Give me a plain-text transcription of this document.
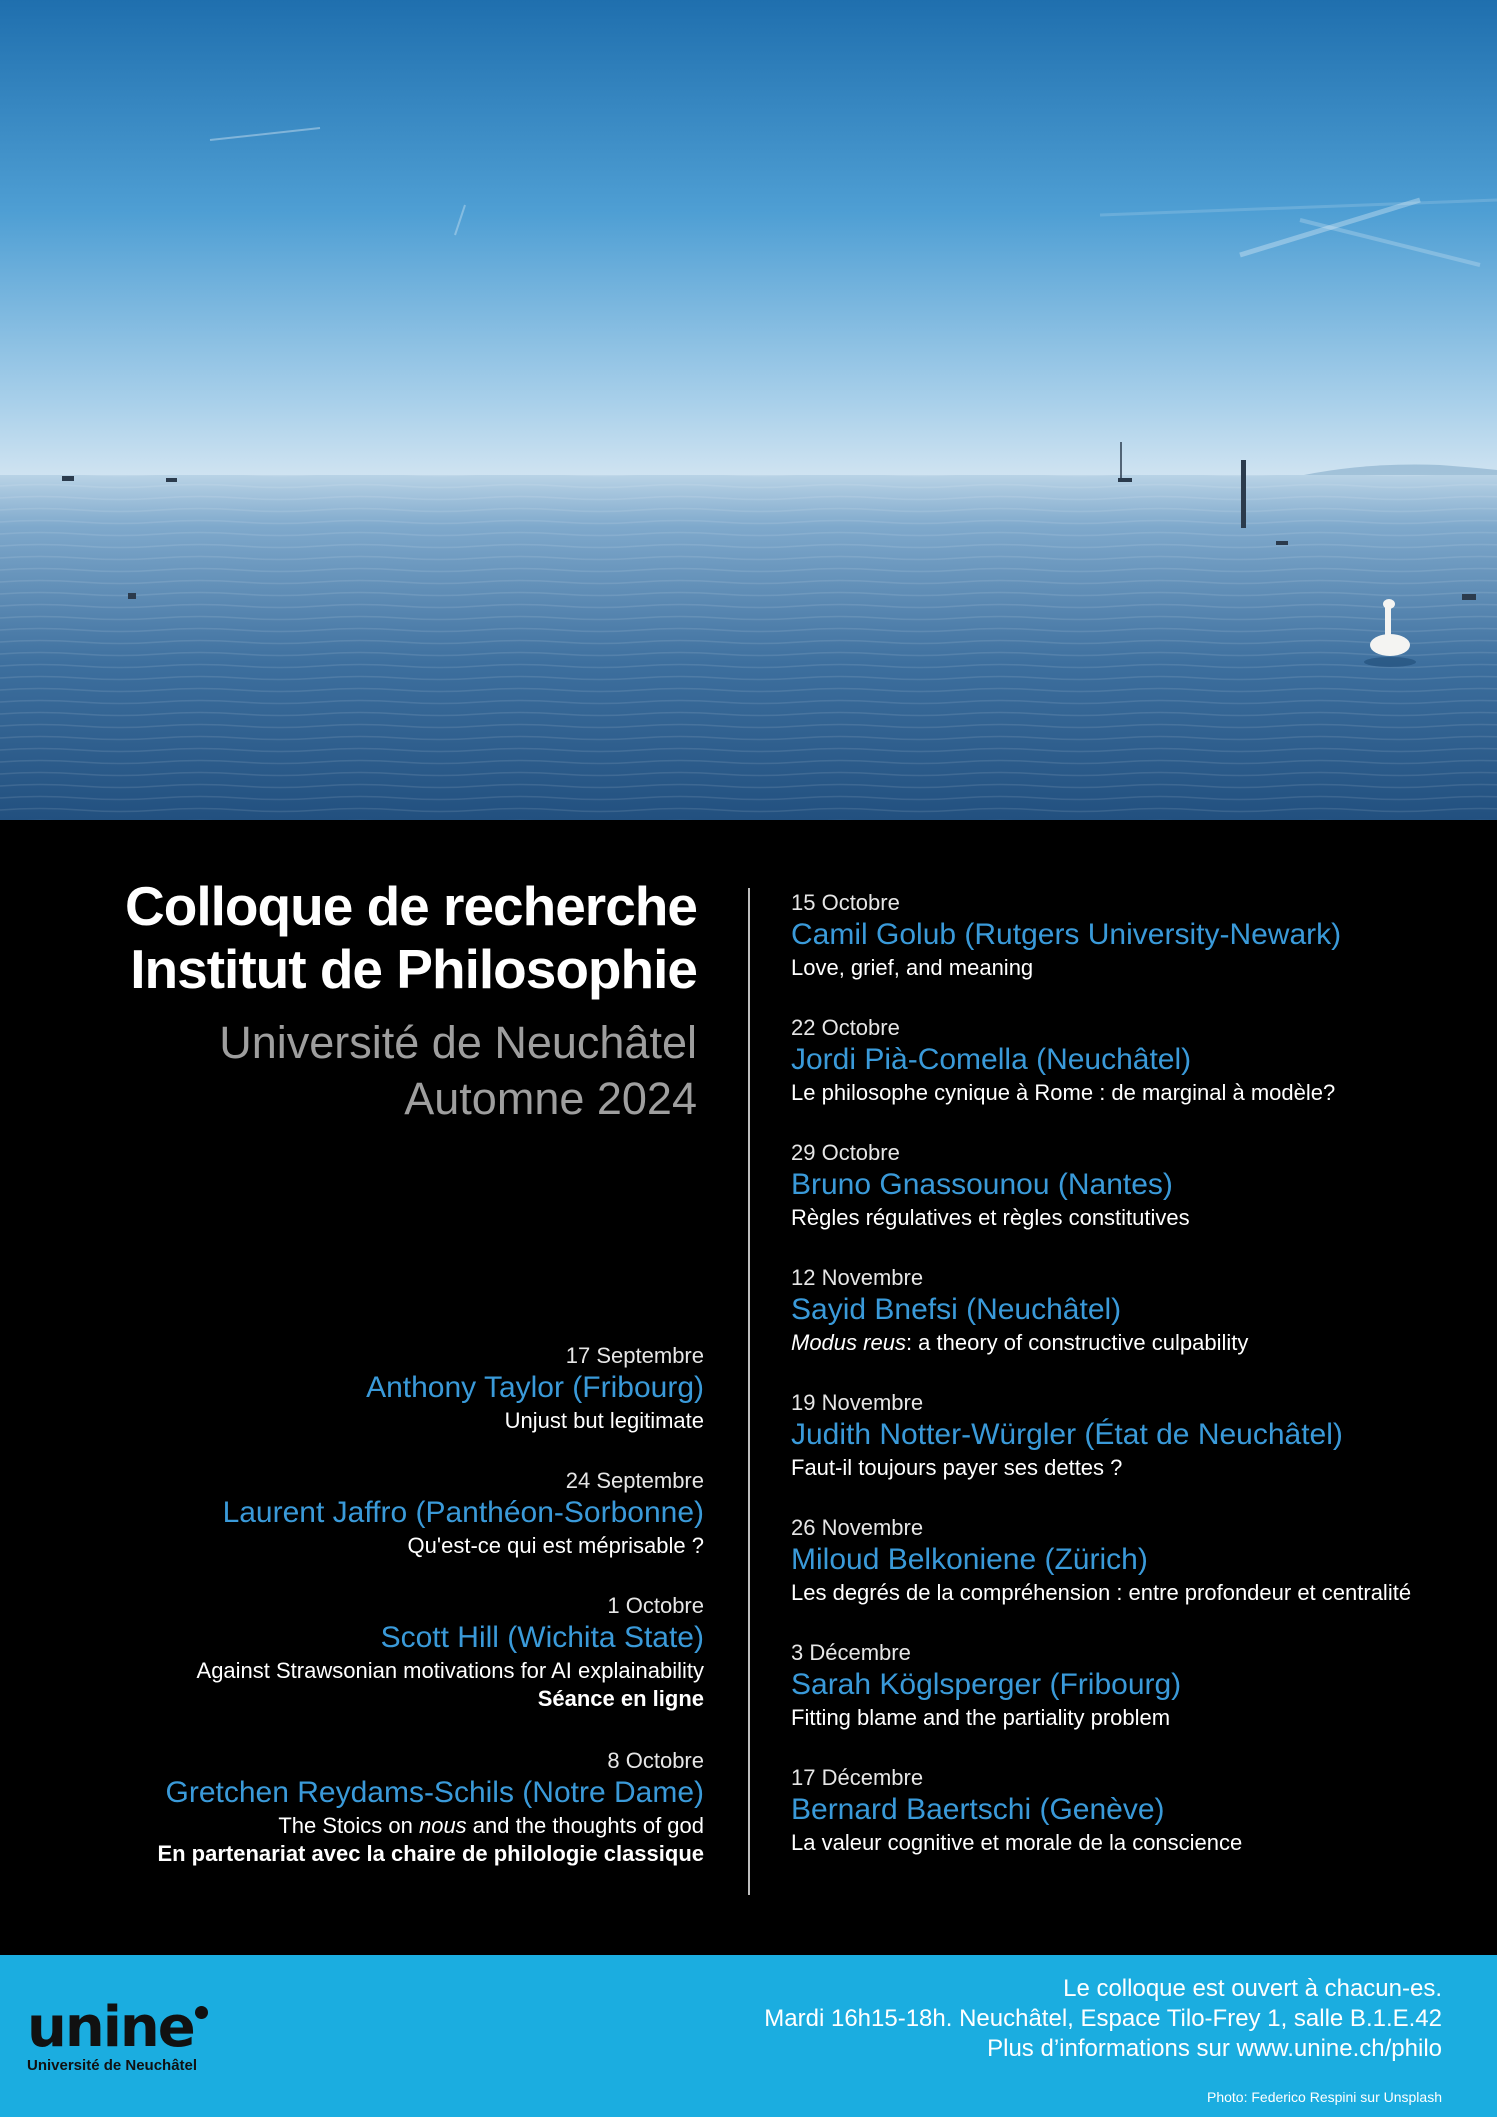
Colloque de recherche
Institut de Philosophie
Université de Neuchâtel
Automne 2024
17 Septembre
Anthony Taylor (Fribourg)
Unjust but legitimate
24 Septembre
Laurent Jaffro (Panthéon-Sorbonne)
Qu'est-ce qui est méprisable ?
1 Octobre
Scott Hill (Wichita State)
Against Strawsonian motivations for AI explainability
Séance en ligne
8 Octobre
Gretchen Reydams-Schils (Notre Dame)
The Stoics on nous and the thoughts of god
En partenariat avec la chaire de philologie classique
15 Octobre
Camil Golub (Rutgers University-Newark)
Love, grief, and meaning
22 Octobre
Jordi Pià-Comella (Neuchâtel)
Le philosophe cynique à Rome : de marginal à modèle?
29 Octobre
Bruno Gnassounou (Nantes)
Règles régulatives et règles constitutives
12 Novembre
Sayid Bnefsi (Neuchâtel)
Modus reus: a theory of constructive culpability
19 Novembre
Judith Notter-Würgler (État de Neuchâtel)
Faut-il toujours payer ses dettes ?
26 Novembre
Miloud Belkoniene (Zürich)
Les degrés de la compréhension : entre profondeur et centralité
3 Décembre
Sarah Köglsperger (Fribourg)
Fitting blame and the partiality problem
17 Décembre
Bernard Baertschi (Genève)
La valeur cognitive et morale de la conscience
unine
Université de Neuchâtel
Le colloque est ouvert à chacun-es.
Mardi 16h15-18h. Neuchâtel, Espace Tilo-Frey 1, salle B.1.E.42
Plus d’informations sur www.unine.ch/philo
Photo: Federico Respini sur Unsplash
